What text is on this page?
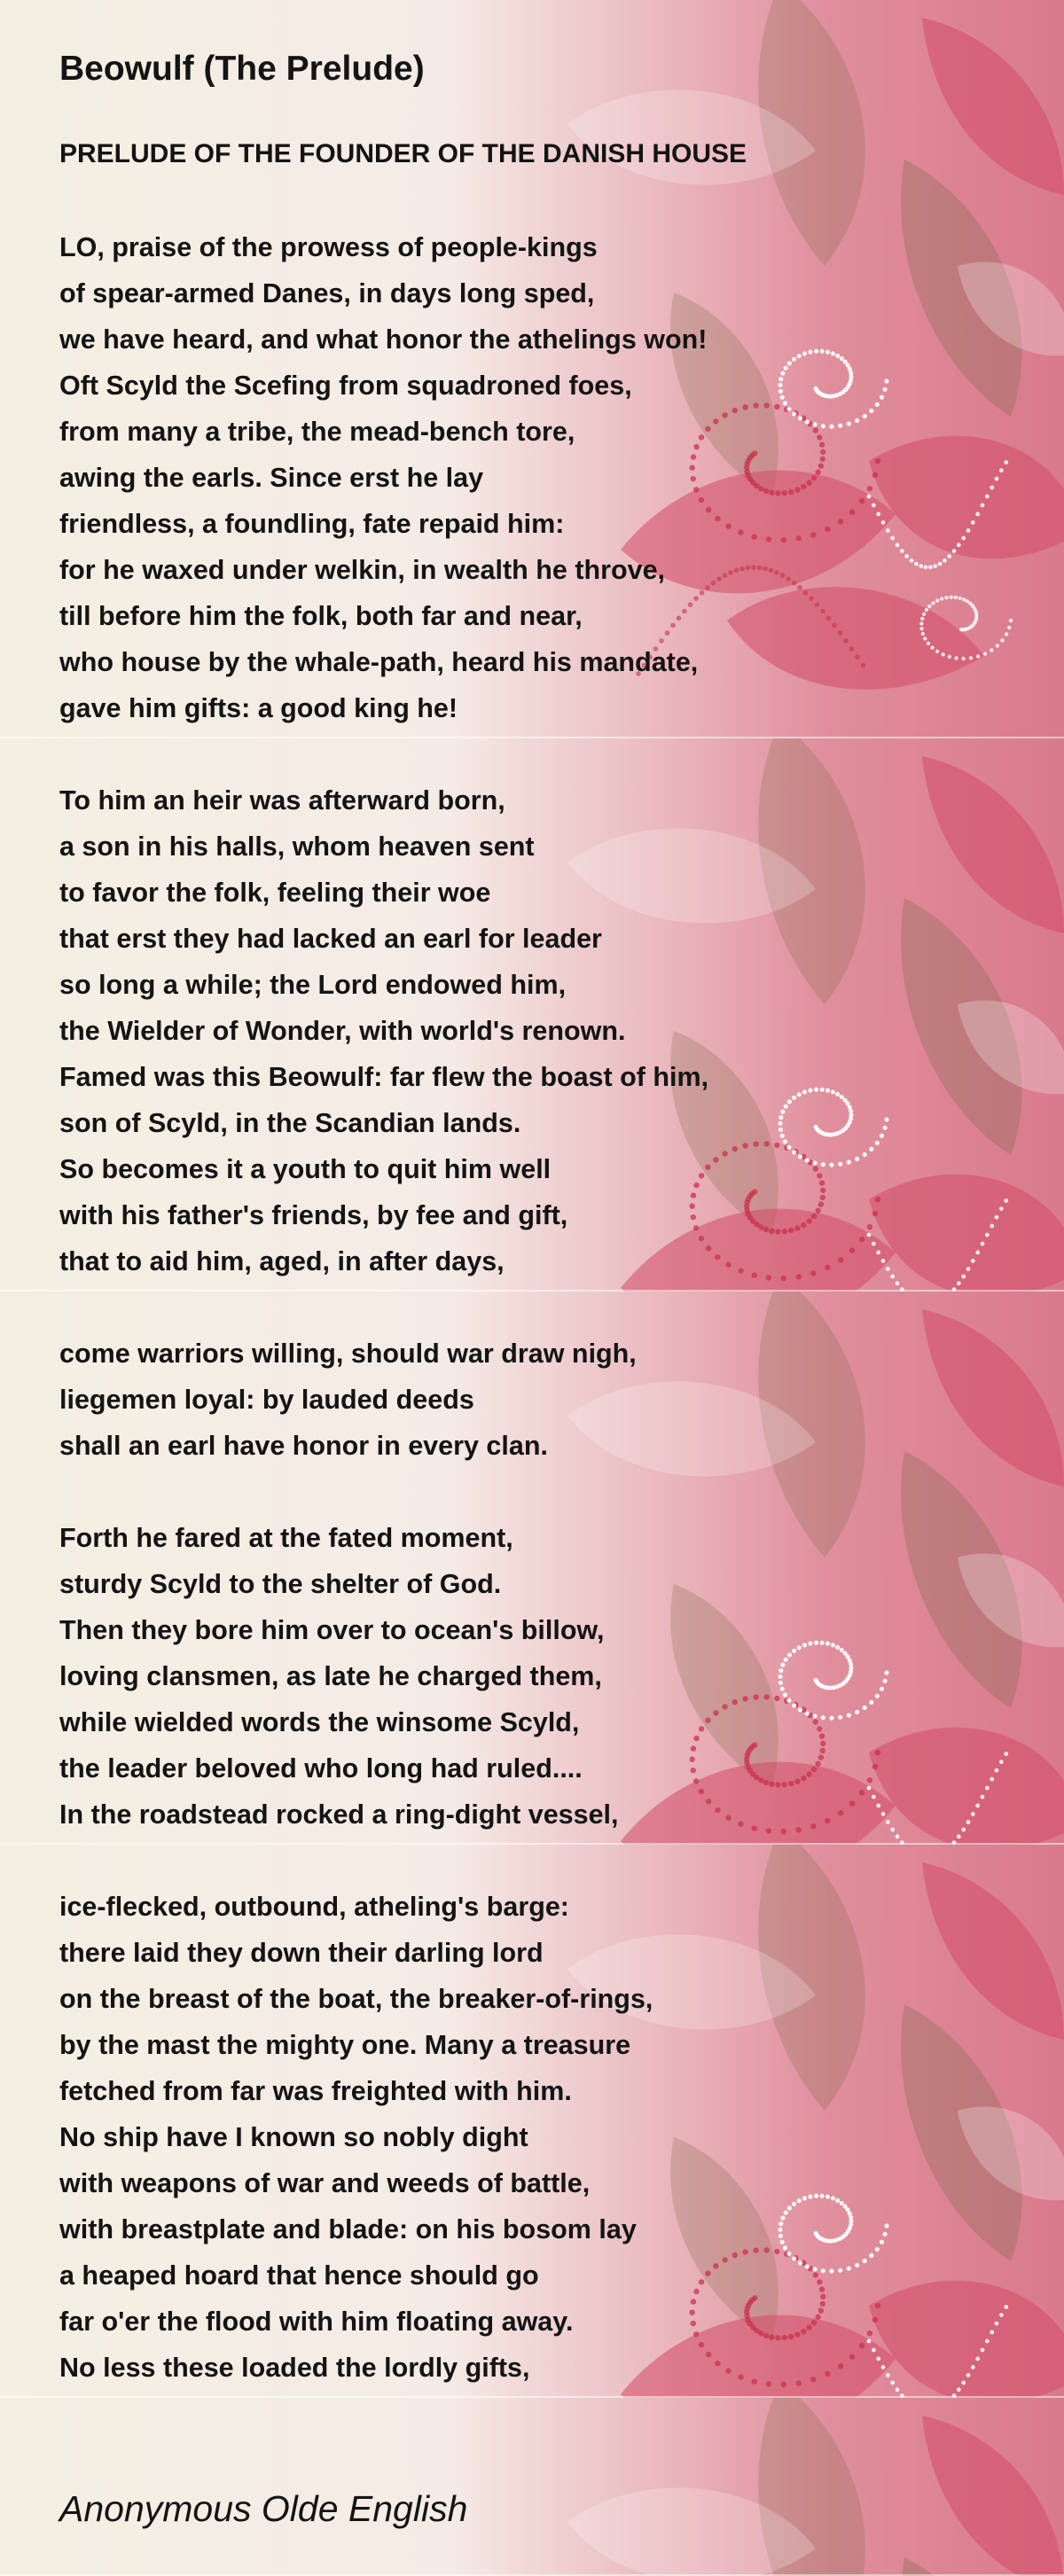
Beowulf (The Prelude)
PRELUDE OF THE FOUNDER OF THE DANISH HOUSE
LO, praise of the prowess of people-kings
of spear-armed Danes, in days long sped,
we have heard, and what honor the athelings won!
Oft Scyld the Scefing from squadroned foes,
from many a tribe, the mead-bench tore,
awing the earls. Since erst he lay
friendless, a foundling, fate repaid him:
for he waxed under welkin, in wealth he throve,
till before him the folk, both far and near,
who house by the whale-path, heard his mandate,
gave him gifts: a good king he!
To him an heir was afterward born,
a son in his halls, whom heaven sent
to favor the folk, feeling their woe
that erst they had lacked an earl for leader
so long a while; the Lord endowed him,
the Wielder of Wonder, with world's renown.
Famed was this Beowulf: far flew the boast of him,
son of Scyld, in the Scandian lands.
So becomes it a youth to quit him well
with his father's friends, by fee and gift,
that to aid him, aged, in after days,
come warriors willing, should war draw nigh,
liegemen loyal: by lauded deeds
shall an earl have honor in every clan.
Forth he fared at the fated moment,
sturdy Scyld to the shelter of God.
Then they bore him over to ocean's billow,
loving clansmen, as late he charged them,
while wielded words the winsome Scyld,
the leader beloved who long had ruled....
In the roadstead rocked a ring-dight vessel,
ice-flecked, outbound, atheling's barge:
there laid they down their darling lord
on the breast of the boat, the breaker-of-rings,
by the mast the mighty one. Many a treasure
fetched from far was freighted with him.
No ship have I known so nobly dight
with weapons of war and weeds of battle,
with breastplate and blade: on his bosom lay
a heaped hoard that hence should go
far o'er the flood with him floating away.
No less these loaded the lordly gifts,

Anonymous Olde English
